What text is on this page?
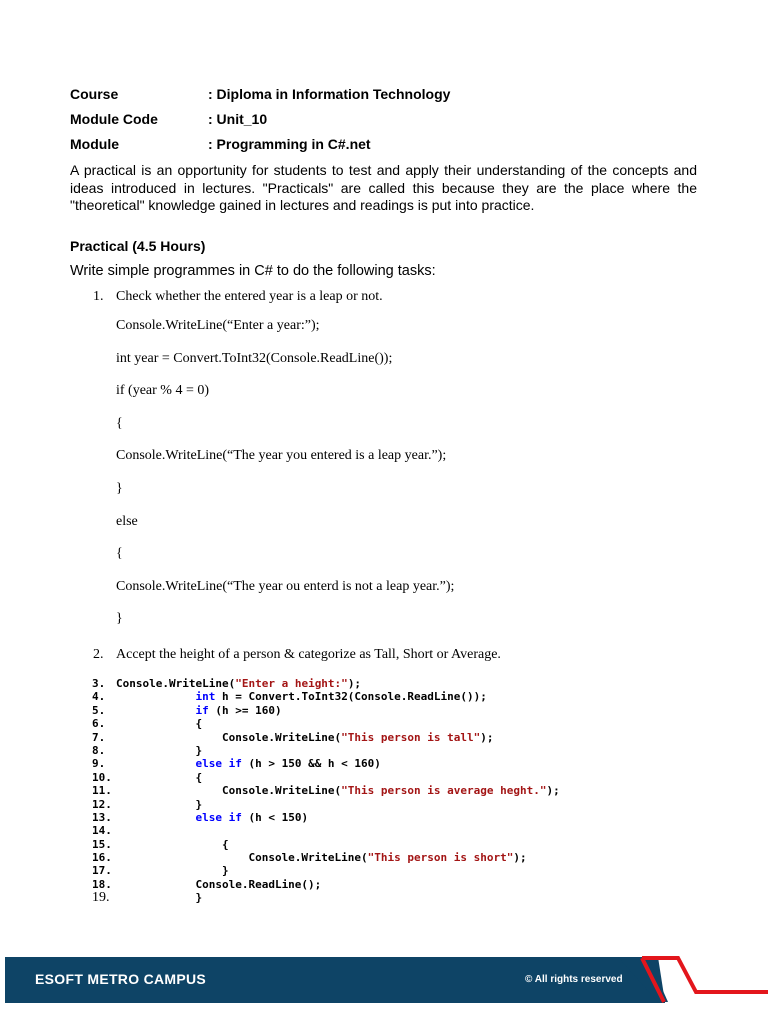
Course	: Diploma in Information Technology
Module Code	: Unit_10
Module	: Programming in C#.net

A practical is an opportunity for students to test and apply their understanding of the concepts and ideas introduced in lectures. "Practicals" are called this because they are the place where the "theoretical" knowledge gained in lectures and readings is put into practice.

Practical (4.5 Hours)
Write simple programmes in C# to do the following tasks:
1. Check whether the entered year is a leap or not.
Console.WriteLine(“Enter a year:”);
int year = Convert.ToInt32(Console.ReadLine());
if (year % 4 = 0)
{
Console.WriteLine(“The year you entered is a leap year.”);
}
else
{
Console.WriteLine(“The year ou enterd is not a leap year.”);
}
2. Accept the height of a person & categorize as Tall, Short or Average.
3. Console.WriteLine("Enter a height:");
4.	int h = Convert.ToInt32(Console.ReadLine());
5.	if (h >= 160)
6. {
7. Console.WriteLine("This person is tall");
8. }
9.	else if (h > 150 && h < 160)
10. {
11. Console.WriteLine("This person is average heght.");
12. }
13.	else if (h < 150)
14.
15. {
16. Console.WriteLine("This person is short");
17. }
18. Console.ReadLine();
19. }
ESOFT METRO CAMPUS	© All rights reserved
